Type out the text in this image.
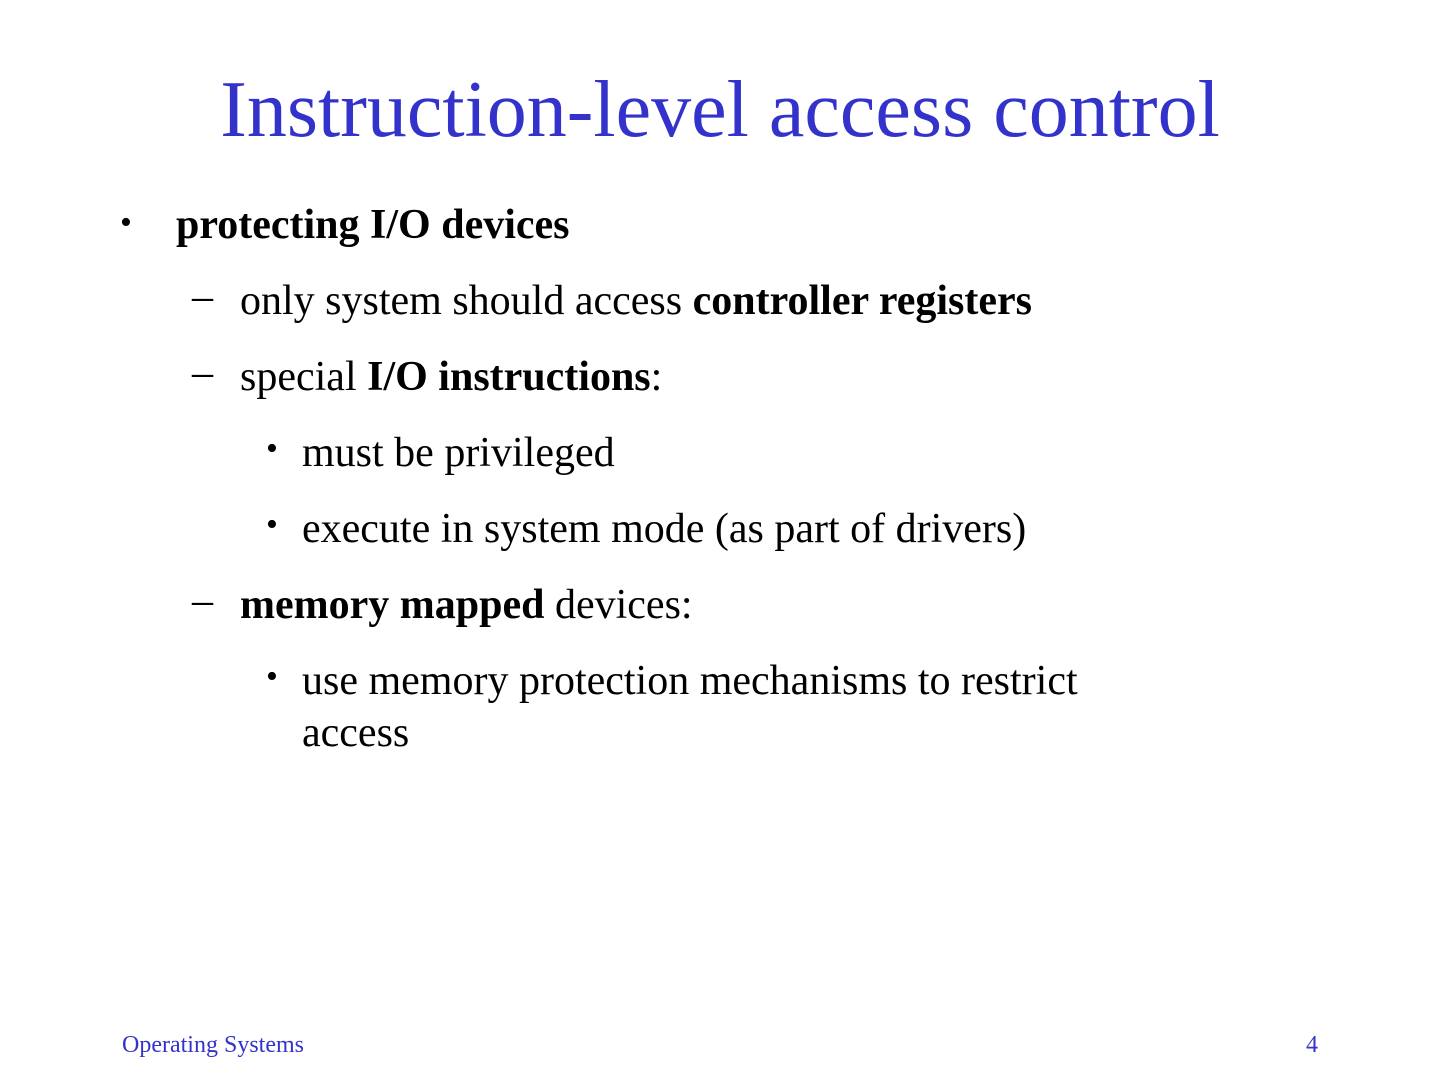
Instruction-level access control
• protecting I/O devices
– only system should access controller registers
– special I/O instructions:
• must be privileged
• execute in system mode (as part of drivers)
– memory mapped devices:
• use memory protection mechanisms to restrict
access
Operating Systems	4
